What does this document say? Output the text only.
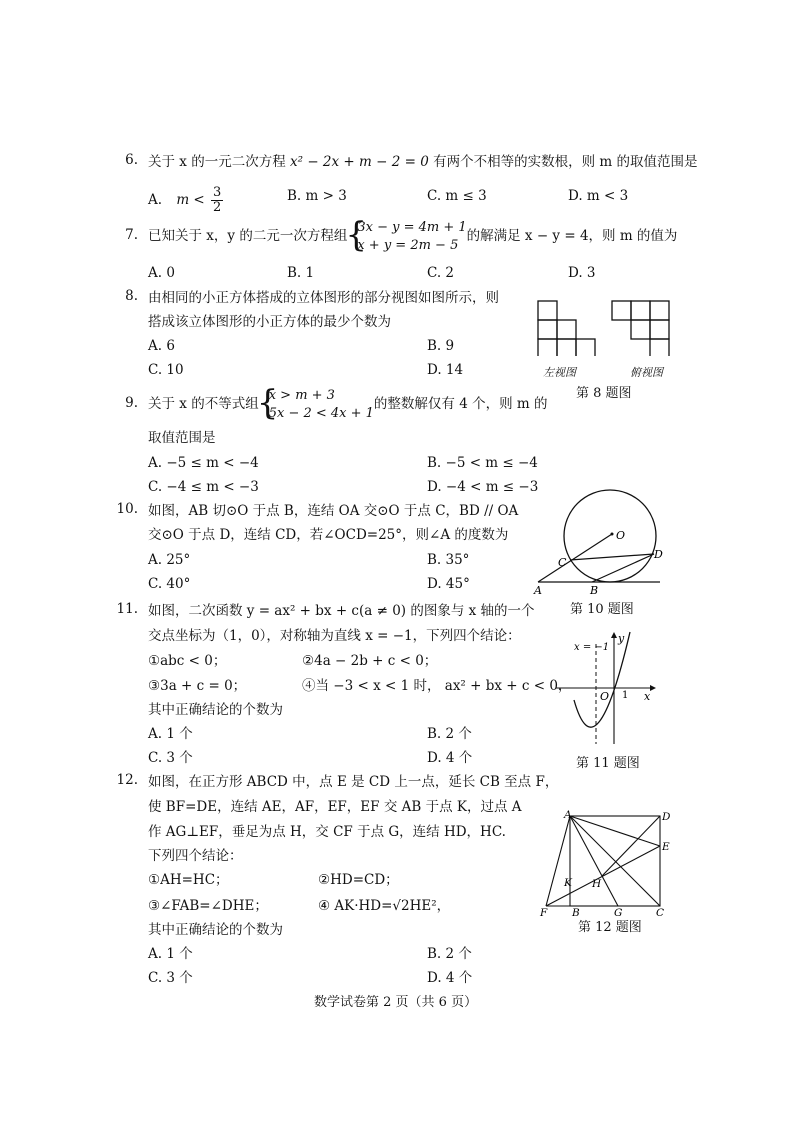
6. 关于 x 的一元二次方程 x² − 2x + m − 2 = 0 有两个不相等的实数根，则 m 的取值范围是
A. $m < \frac{3}{2}$	B. m > 3	C. m ≤ 3	D. m < 3
7. 已知关于 x，y 的二元一次方程组
{ 3x − y = 4m + 1
x + y = 2m − 5
的解满足 x − y = 4，则 m 的值为
A. 0	B. 1	C. 2	D. 3
8. 由相同的小正方体搭成的立体图形的部分视图如图所示，则
搭成该立体图形的小正方体的最少个数为
A. 6	B. 9
C. 10	D. 14	左视图	俯视图
第 8 题图
9. 关于 x 的不等式组
{ x > m + 3
5x − 2 < 4x + 1
的整数解仅有 4 个，则 m 的
取值范围是
A. −5 ≤ m < −4	B. −5 < m ≤ −4
C. −4 ≤ m < −3	D. −4 < m ≤ −3
10. 如图，AB 切⊙O 于点 B，连结 OA 交⊙O 于点 C，BD // OA
交⊙O 于点 D，连结 CD，若∠OCD=25°，则∠A 的度数为
A. 25°	B. 35°
C. 40°	D. 45°
O
C
D
A	B
第 10 题图
11. 如图，二次函数 y = ax² + bx + c(a ≠ 0) 的图象与 x 轴的一个
交点坐标为（1，0），对称轴为直线 x = −1，下列四个结论：
①abc < 0；	②4a − 2b + c < 0；
③3a + c = 0；	④当 −3 < x < 1 时， ax² + bx + c < 0，
其中正确结论的个数为
A. 1 个	B. 2 个
C. 3 个	D. 4 个
x = −1
y
x
O 1
第 11 题图
12. 如图，在正方形 ABCD 中，点 E 是 CD 上一点，延长 CB 至点 F，
使 BF=DE，连结 AE，AF，EF，EF 交 AB 于点 K，过点 A
作 AG⊥EF，垂足为点 H，交 CF 于点 G，连结 HD，HC.
下列四个结论：
①AH=HC；	②HD=CD；
③∠FAB=∠DHE；	④ AK·HD=√2HE²，
其中正确结论的个数为
A. 1 个	B. 2 个
C. 3 个	D. 4 个
A	D
E
K H
F B	G	C
第 12 题图
数学试卷第 2 页（共 6 页）
